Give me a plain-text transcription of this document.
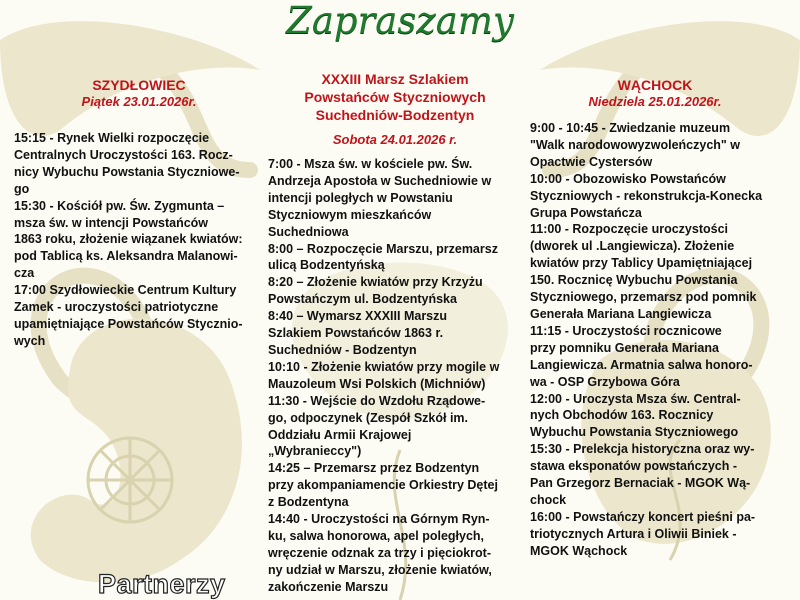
Zapraszamy
SZYDŁOWIEC
Piątek 23.01.2026r.
15:15 - Rynek Wielki rozpoczęcie
Centralnych Uroczystości 163. Rocz-
nicy Wybuchu Powstania Styczniowe-
go
15:30 - Kościół pw. Św. Zygmunta –
msza św. w intencji Powstańców
1863 roku, złożenie wiązanek kwiatów:
pod Tablicą ks. Aleksandra Malanowi-
cza
17:00 Szydłowieckie Centrum Kultury
Zamek - uroczystości patriotyczne
upamiętniające Powstańców Stycznio-
wych
XXXIII Marsz Szlakiem
Powstańców Styczniowych
Suchedniów-Bodzentyn
Sobota 24.01.2026 r.
7:00 - Msza św. w kościele pw. Św.
Andrzeja Apostoła w Suchedniowie w
intencji poległych w Powstaniu
Styczniowym mieszkańców
Suchedniowa
8:00 – Rozpoczęcie Marszu, przemarsz
ulicą Bodzentyńską
8:20 – Złożenie kwiatów przy Krzyżu
Powstańczym ul. Bodzentyńska
8:40 – Wymarsz XXXIII Marszu
Szlakiem Powstańców 1863 r.
Suchedniów - Bodzentyn
10:10 - Złożenie kwiatów przy mogile w
Mauzoleum Wsi Polskich (Michniów)
11:30 - Wejście do Wzdołu Rządowe-
go, odpoczynek (Zespół Szkół im.
Oddziału Armii Krajowej
„Wybranieccy")
14:25 – Przemarsz przez Bodzentyn
przy akompaniamencie Orkiestry Dętej
z Bodzentyna
14:40 - Uroczystości na Górnym Ryn-
ku, salwa honorowa, apel poległych,
wręczenie odznak za trzy i pięciokrot-
ny udział w Marszu, złożenie kwiatów,
zakończenie Marszu
WĄCHOCK
Niedziela 25.01.2026r.
9:00 - 10:45 - Zwiedzanie muzeum
"Walk narodowowyzwoleńczych" w
Opactwie Cystersów
10:00 - Obozowisko Powstańców
Styczniowych - rekonstrukcja-Konecka
Grupa Powstańcza
11:00 - Rozpoczęcie uroczystości
(dworek ul .Langiewicza). Złożenie
kwiatów przy Tablicy Upamiętniającej
150. Rocznicę Wybuchu Powstania
Styczniowego, przemarsz pod pomnik
Generała Mariana Langiewicza
11:15 - Uroczystości rocznicowe
przy pomniku Generała Mariana
Langiewicza. Armatnia salwa honoro-
wa - OSP Grzybowa Góra
12:00 - Uroczysta Msza św. Central-
nych Obchodów 163. Rocznicy
Wybuchu Powstania Styczniowego
15:30 - Prelekcja historyczna oraz wy-
stawa eksponatów powstańczych -
Pan Grzegorz Bernaciak - MGOK Wą-
chock
16:00 - Powstańczy koncert pieśni pa-
triotycznych Artura i Oliwii Biniek -
MGOK Wąchock
Partnerzy
